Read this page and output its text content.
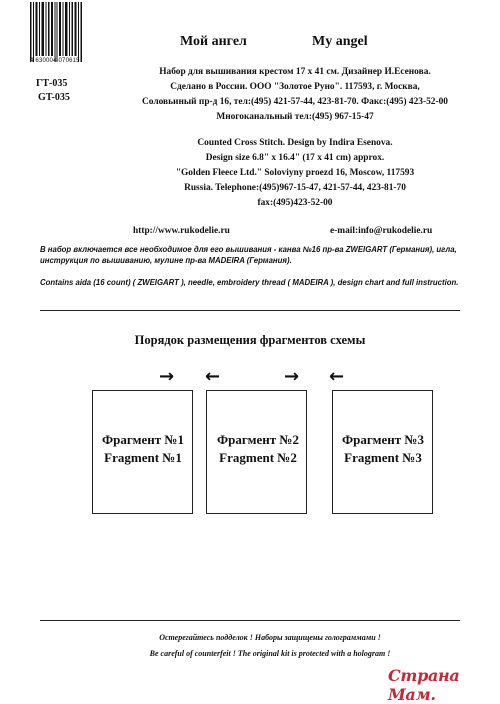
4 630004 070615
ГТ-035
GT-035
Мой ангел	My angel
Набор для вышивания крестом 17 х 41 см. Дизайнер И.Есенова.
Сделано в России. ООО "Золотое Руно". 117593, г. Москва,
Соловьиный пр-д 16, тел:(495) 421-57-44, 423-81-70. Факс:(495) 423-52-00
Многоканальный тел:(495) 967-15-47
Counted Cross Stitch. Design by Indira Esenova.
Design size 6.8" x 16.4" (17 x 41 cm) approx.
"Golden Fleece Ltd." Soloviyny proezd 16, Moscow, 117593
Russia. Telephone:(495)967-15-47, 421-57-44, 423-81-70
fax:(495)423-52-00
http://www.rukodelie.ru	e-mail:info@rukodelie.ru
В набор включается все необходимое для его вышивания - канва №16 пр-ва ZWEIGART (Германия), игла, инструкция по вышиванию, мулине пр-ва MADEIRA (Германия).
Contains aida (16 count) ( ZWEIGART ), needle, embroidery thread ( MADEIRA ), design chart and full instruction.
Порядок размещения фрагментов схемы
→ ←	→ ←
Фрагмент №1
Fragment №1
Фрагмент №2
Fragment №2
Фрагмент №3
Fragment №3
Остерегайтесь подделок ! Наборы защищены голограммами !
Be careful of counterfeit ! The original kit is protected with a hologram !
Страна Мам.
